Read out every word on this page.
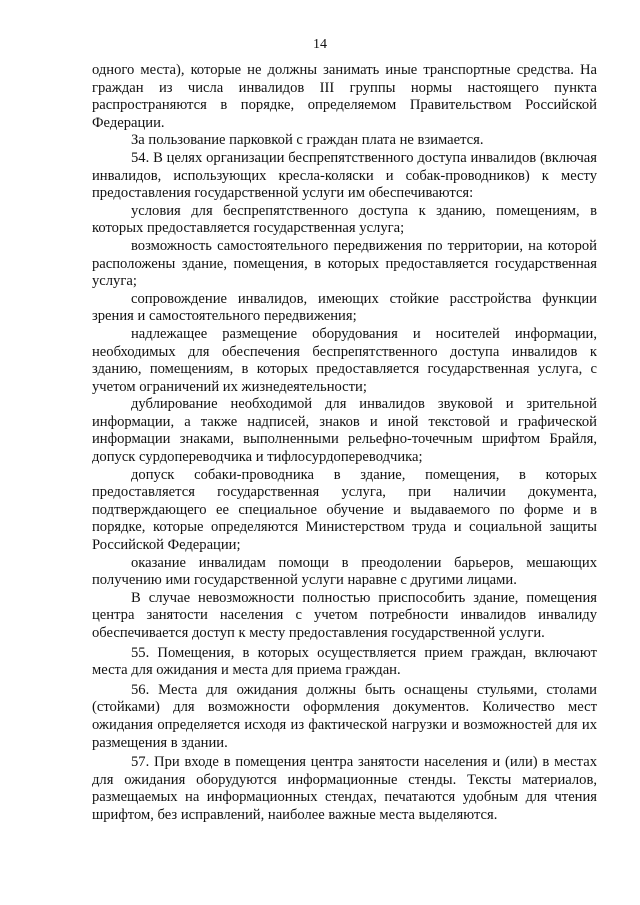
14

одного места), которые не должны занимать иные транспортные средства. На граждан из числа инвалидов III группы нормы настоящего пункта распространяются в порядке, определяемом Правительством Российской Федерации.

За пользование парковкой с граждан плата не взимается.

54. В целях организации беспрепятственного доступа инвалидов (включая инвалидов, использующих кресла-коляски и собак-проводников) к месту предоставления государственной услуги им обеспечиваются:

условия для беспрепятственного доступа к зданию, помещениям, в которых предоставляется государственная услуга;

возможность самостоятельного передвижения по территории, на которой расположены здание, помещения, в которых предоставляется государственная услуга;

сопровождение инвалидов, имеющих стойкие расстройства функции зрения и самостоятельного передвижения;

надлежащее размещение оборудования и носителей информации, необходимых для обеспечения беспрепятственного доступа инвалидов к зданию, помещениям, в которых предоставляется государственная услуга, с учетом ограничений их жизнедеятельности;

дублирование необходимой для инвалидов звуковой и зрительной информации, а также надписей, знаков и иной текстовой и графической информации знаками, выполненными рельефно-точечным шрифтом Брайля, допуск сурдопереводчика и тифлосурдопереводчика;

допуск собаки-проводника в здание, помещения, в которых предоставляется государственная услуга, при наличии документа, подтверждающего ее специальное обучение и выдаваемого по форме и в порядке, которые определяются Министерством труда и социальной защиты Российской Федерации;

оказание инвалидам помощи в преодолении барьеров, мешающих получению ими государственной услуги наравне с другими лицами.

В случае невозможности полностью приспособить здание, помещения центра занятости населения с учетом потребности инвалидов инвалиду обеспечивается доступ к месту предоставления государственной услуги.

55. Помещения, в которых осуществляется прием граждан, включают места для ожидания и места для приема граждан.

56. Места для ожидания должны быть оснащены стульями, столами (стойками) для возможности оформления документов. Количество мест ожидания определяется исходя из фактической нагрузки и возможностей для их размещения в здании.

57. При входе в помещения центра занятости населения и (или) в местах для ожидания оборудуются информационные стенды. Тексты материалов, размещаемых на информационных стендах, печатаются удобным для чтения шрифтом, без исправлений, наиболее важные места выделяются.
